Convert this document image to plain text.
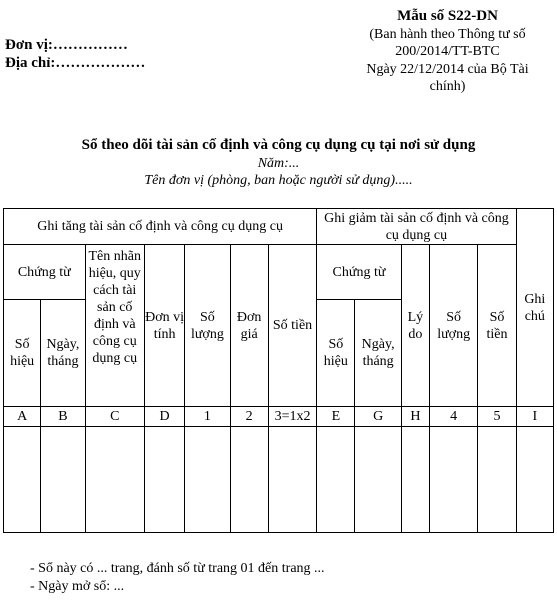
Đơn vị:……………
Địa chỉ:………………
Mẫu số S22-DN
(Ban hành theo Thông tư số
200/2014/TT-BTC
Ngày 22/12/2014 của Bộ Tài
chính)
Sổ theo dõi tài sản cố định và công cụ dụng cụ tại nơi sử dụng
Năm:...
Tên đơn vị (phòng, ban hoặc người sử dụng).....
Ghi tăng tài sản cố định và công cụ dụng cụ							Ghi giảm tài sản cố định và công cụ dụng cụ					Ghi chú
Chứng từ		Tên nhãn hiệu, quy cách tài sản cố định và công cụ dụng cụ	Đơn vị tính	Số lượng	Đơn giá	Số tiền	Chứng từ		Lý do	Số lượng	Số tiền	
Số hiệu	Ngày, tháng						Số hiệu	Ngày, tháng				
A	B	C	D	1	2	3=1x2	E	G	H	4	5	I

- Sổ này có ... trang, đánh số từ trang 01 đến trang ...
- Ngày mở sổ: ...
